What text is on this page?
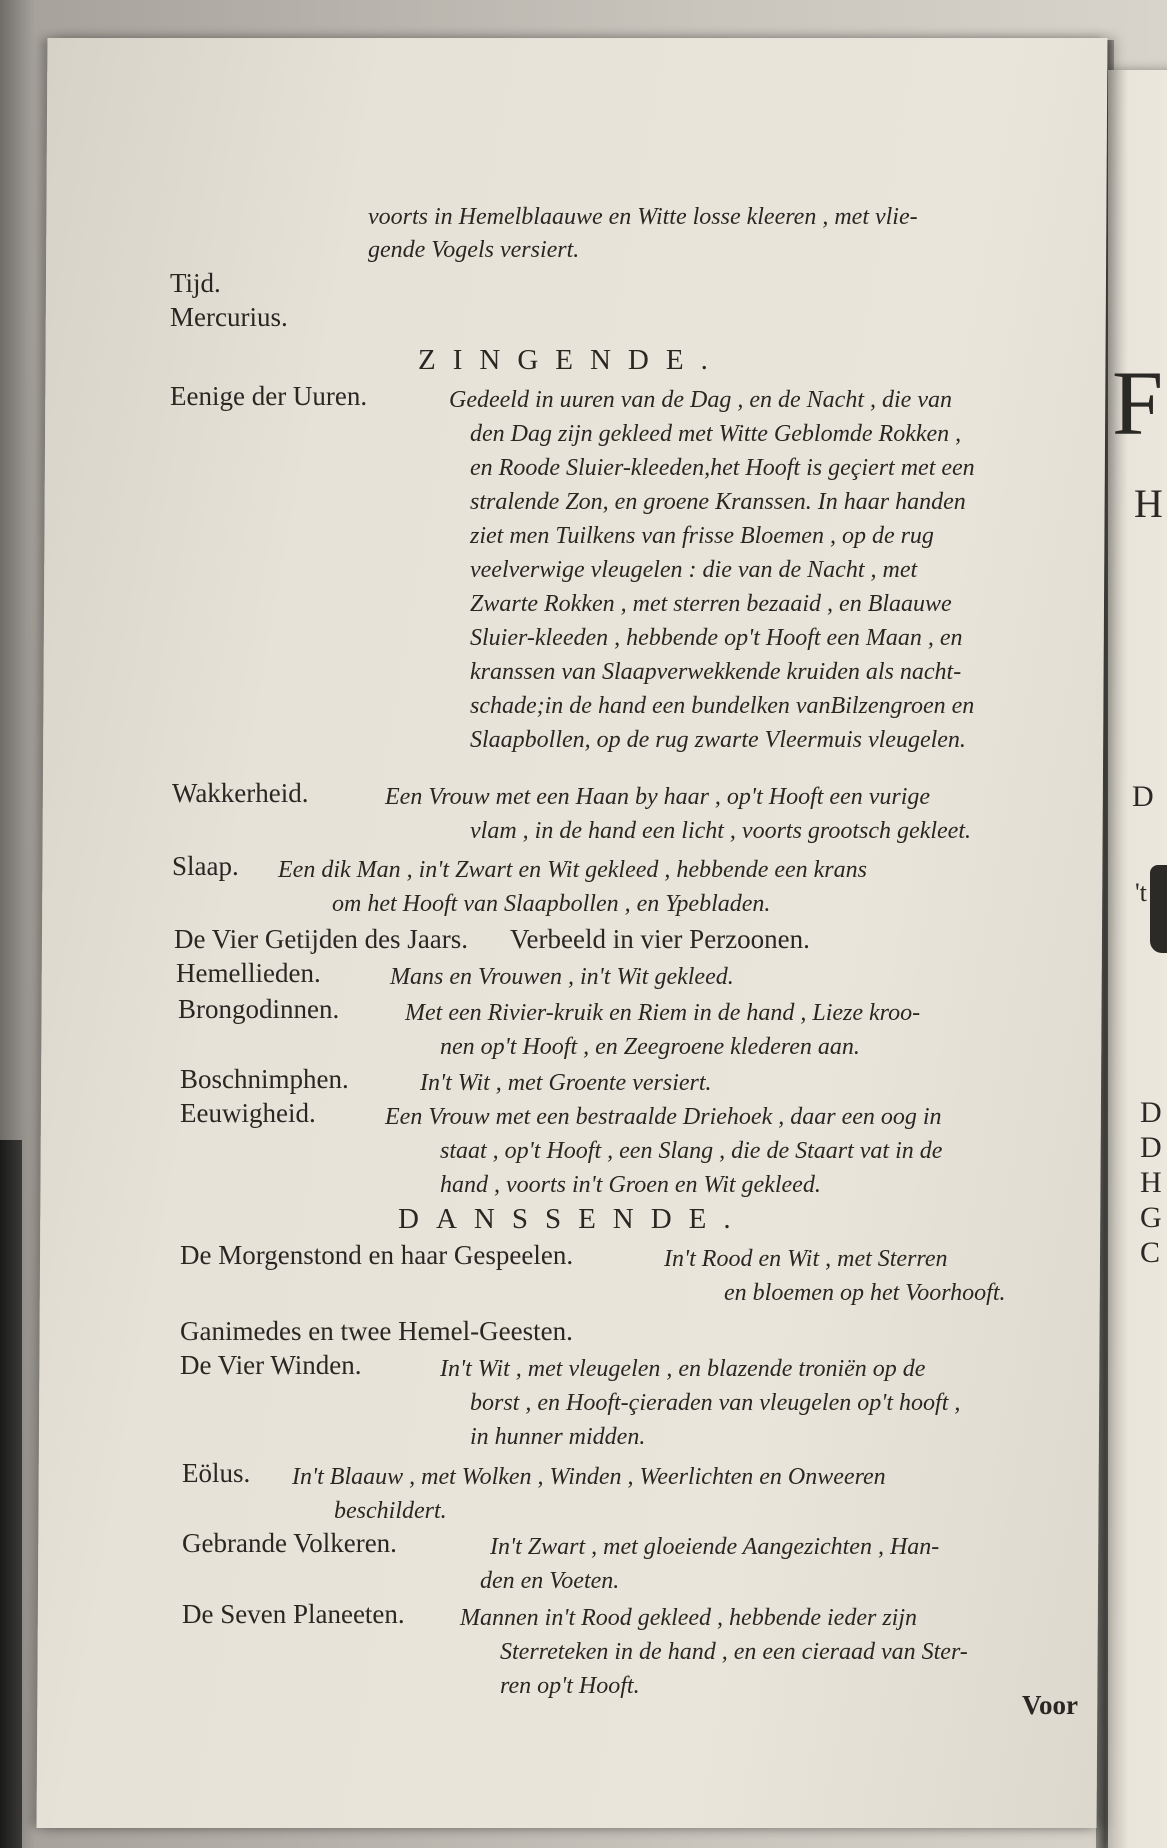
F
H
D
't
D
D
H
G
C
voorts in Hemelblaauwe en Witte losse kleeren , met vlie-
gende Vogels versiert.
Tijd.
Mercurius.
ZINGENDE.
Eenige der Uuren.	Gedeeld in uuren van de Dag , en de Nacht , die van
den Dag zijn gekleed met Witte Geblomde Rokken ,
en Roode Sluier-kleeden,het Hooft is geçiert met een
stralende Zon, en groene Kranssen. In haar handen
ziet men Tuilkens van frisse Bloemen , op de rug
veelverwige vleugelen : die van de Nacht , met
Zwarte Rokken , met sterren bezaaid , en Blaauwe
Sluier-kleeden , hebbende op't Hooft een Maan , en
kranssen van Slaapverwekkende kruiden als nacht-
schade;in de hand een bundelken vanBilzengroen en
Slaapbollen, op de rug zwarte Vleermuis vleugelen.
Wakkerheid.	Een Vrouw met een Haan by haar , op't Hooft een vurige
vlam , in de hand een licht , voorts grootsch gekleet.
Slaap. Een dik Man , in't Zwart en Wit gekleed , hebbende een krans
om het Hooft van Slaapbollen , en Ypebladen.
De Vier Getijden des Jaars. Verbeeld in vier Perzoonen.
Hemellieden.	Mans en Vrouwen , in't Wit gekleed.
Brongodinnen.	Met een Rivier-kruik en Riem in de hand , Lieze kroo-
nen op't Hooft , en Zeegroene klederen aan.
Boschnimphen.	In't Wit , met Groente versiert.
Eeuwigheid.	Een Vrouw met een bestraalde Driehoek , daar een oog in
staat , op't Hooft , een Slang , die de Staart vat in de
hand , voorts in't Groen en Wit gekleed.
DANSSENDE.
De Morgenstond en haar Gespeelen.	In't Rood en Wit , met Sterren
en bloemen op het Voorhooft.
Ganimedes en twee Hemel-Geesten.
De Vier Winden.	In't Wit , met vleugelen , en blazende troniën op de
borst , en Hooft-çieraden van vleugelen op't hooft ,
in hunner midden.
Eölus. In't Blaauw , met Wolken , Winden , Weerlichten en Onweeren
beschildert.
Gebrande Volkeren.	In't Zwart , met gloeiende Aangezichten , Han-
den en Voeten.
De Seven Planeeten. Mannen in't Rood gekleed , hebbende ieder zijn
Sterreteken in de hand , en een cieraad van Ster-
ren op't Hooft.
Voor
